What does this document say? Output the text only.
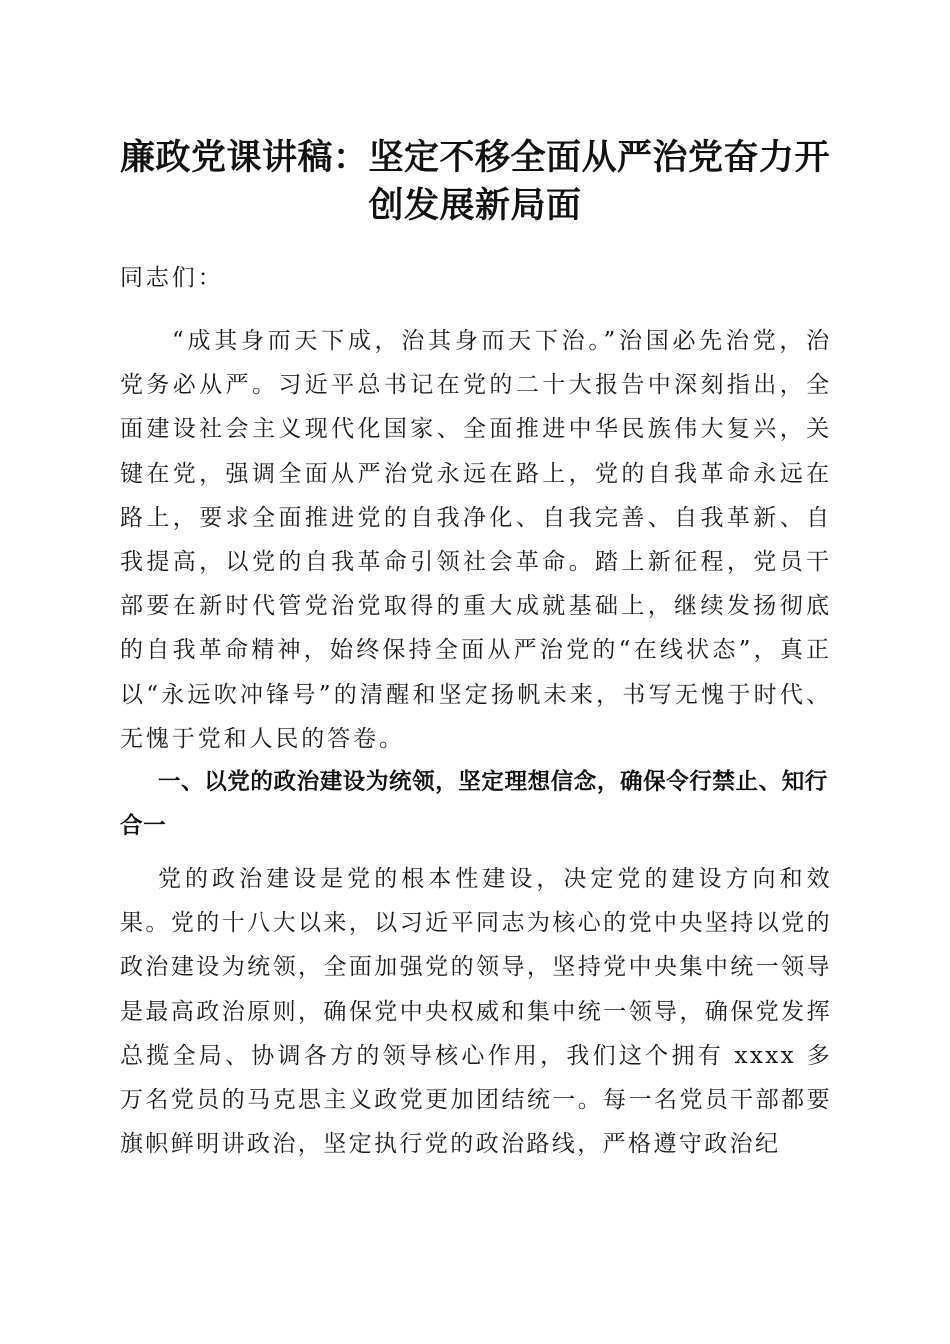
廉政党课讲稿：坚定不移全面从严治党奋力开创发展新局面

同志们：

“成其身而天下成，治其身而天下治。”治国必先治党，治党务必从严。习近平总书记在党的二十大报告中深刻指出，全面建设社会主义现代化国家、全面推进中华民族伟大复兴，关键在党，强调全面从严治党永远在路上，党的自我革命永远在路上，要求全面推进党的自我净化、自我完善、自我革新、自我提高，以党的自我革命引领社会革命。踏上新征程，党员干部要在新时代管党治党取得的重大成就基础上，继续发扬彻底的自我革命精神，始终保持全面从严治党的“在线状态”，真正以“永远吹冲锋号”的清醒和坚定扬帆未来，书写无愧于时代、无愧于党和人民的答卷。

一、以党的政治建设为统领，坚定理想信念，确保令行禁止、知行合一

党的政治建设是党的根本性建设，决定党的建设方向和效果。党的十八大以来，以习近平同志为核心的党中央坚持以党的政治建设为统领，全面加强党的领导，坚持党中央集中统一领导是最高政治原则，确保党中央权威和集中统一领导，确保党发挥总揽全局、协调各方的领导核心作用，我们这个拥有 xxxx 多万名党员的马克思主义政党更加团结统一。每一名党员干部都要旗帜鲜明讲政治，坚定执行党的政治路线，严格遵守政治纪
